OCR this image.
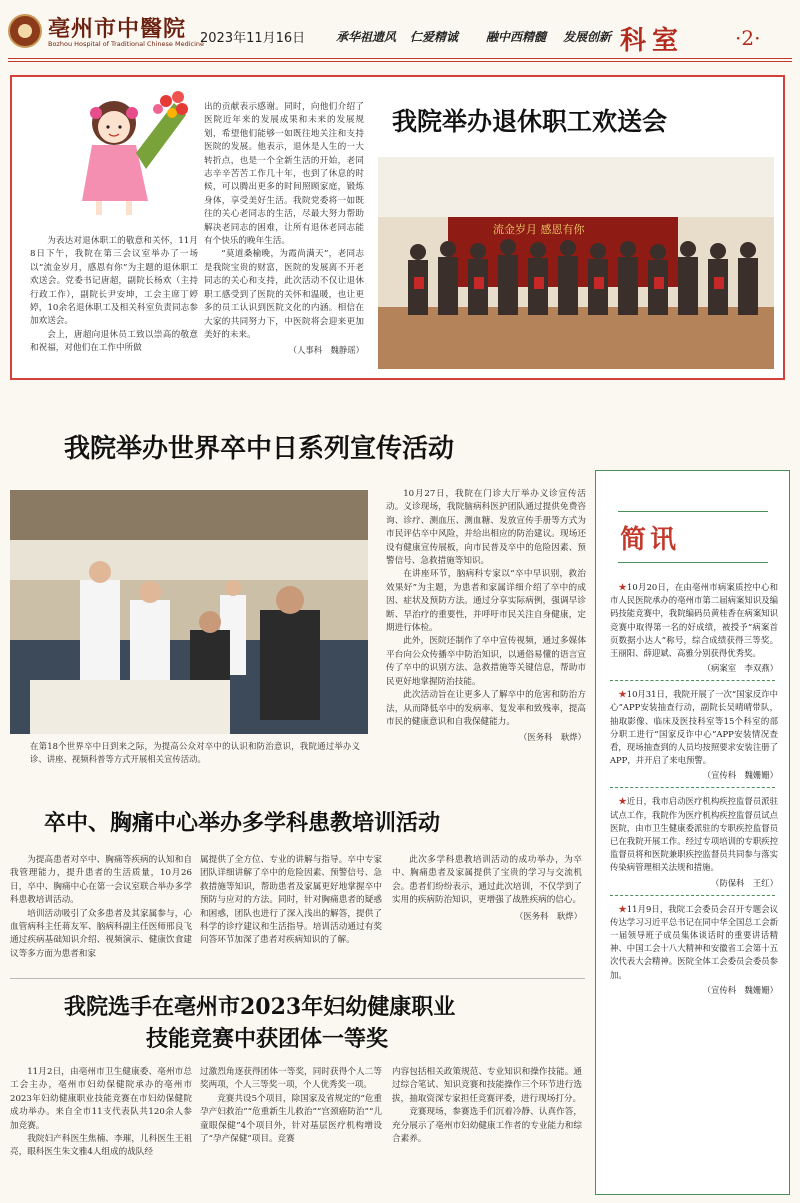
亳州市中醫院
Bozhou Hospital of Traditional Chinese Medicine
2023年11月16日	承华祖遗风 仁爱精诚 融中西精髓 发展创新 科室	·2·

为表达对退休职工的敬意和关怀，11月8日下午，我院在第三会议室举办了一场以“流金岁月，感恩有你”为主题的退休职工欢送会。党委书记唐超，副院长杨欢（主持行政工作），副院长尹安坤，工会主席丁婷婷，10余名退休职工及相关科室负责同志参加欢送会。

会上，唐超向退休员工致以崇高的敬意和祝福，对他们在工作中所做

出的贡献表示感谢。同时，向他们介绍了医院近年来的发展成果和未来的发展规划，希望他们能够一如既往地关注和支持医院的发展。他表示，退休是人生的一大转折点，也是一个全新生活的开始，老同志辛辛苦苦工作几十年，也到了休息的时候，可以腾出更多的时间照顾家庭，锻炼身体，享受美好生活。我院党委将一如既往的关心老同志的生活，尽最大努力帮助解决老同志的困难，让所有退休老同志能有个快乐的晚年生活。

“莫道桑榆晚，为霞尚满天”，老同志是我院宝贵的财富，医院的发展离不开老同志的关心和支持，此次活动不仅让退休职工感受到了医院的关怀和温暖，也让更多的员工认识到医院文化的内涵。相信在大家的共同努力下，中医院将会迎来更加美好的未来。

（人事科　魏静瑶）

我院举办退休职工欢送会
流金岁月 感恩有你
我院举办世界卒中日系列宣传活动
在第18个世界卒中日到来之际，为提高公众对卒中的认识和防治意识，我院通过举办义诊、讲座、视频科普等方式开展相关宣传活动。

10月27日，我院在门诊大厅举办义诊宣传活动。义诊现场，我院脑病科医护团队通过提供免费咨询、诊疗、测血压、测血糖、发放宣传手册等方式为市民评估卒中风险，并给出相应的防治建议。现场还设有健康宣传展板，向市民普及卒中的危险因素、预警信号、急救措施等知识。

在讲座环节，脑病科专家以“卒中早识别，救治效果好”为主题，为患者和家属详细介绍了卒中的成因、症状及预防方法。通过分享实际病例，强调早诊断、早治疗的重要性，并呼吁市民关注自身健康，定期进行体检。

此外，医院还制作了卒中宣传视频，通过多媒体平台向公众传播卒中防治知识，以通俗易懂的语言宣传了卒中的识别方法、急救措施等关键信息，帮助市民更好地掌握防治技能。

此次活动旨在让更多人了解卒中的危害和防治方法，从而降低卒中的发病率、复发率和致残率，提高市民的健康意识和自我保健能力。

（医务科　耿烨）

卒中、胸痛中心举办多学科患教培训活动

为提高患者对卒中、胸痛等疾病的认知和自我管理能力，提升患者的生活质量，10月26日，卒中、胸痛中心在第一会议室联合举办多学科患教培训活动。

培训活动吸引了众多患者及其家属参与，心血管病科主任蒋友军、脑病科副主任医师邢良飞通过疾病基础知识介绍、视频演示、健康饮食建议等多方面为患者和家

属提供了全方位、专业的讲解与指导。卒中专家团队详细讲解了卒中的危险因素、预警信号、急救措施等知识，帮助患者及家属更好地掌握卒中预防与应对的方法。同时，针对胸痛患者的疑惑和困惑，团队也进行了深入浅出的解答，提供了科学的诊疗建议和生活指导。培训活动通过有奖问答环节加深了患者对疾病知识的了解。

此次多学科患教培训活动的成功举办，为卒中、胸痛患者及家属提供了宝贵的学习与交流机会。患者们纷纷表示，通过此次培训，不仅学到了实用的疾病防治知识，更增强了战胜疾病的信心。

（医务科　耿烨）

我院选手在亳州市2023年妇幼健康职业
技能竞赛中获团体一等奖

11月2日，由亳州市卫生健康委、亳州市总工会主办，亳州市妇幼保健院承办的亳州市2023年妇幼健康职业技能竞赛在市妇幼保健院成功举办。来自全市11支代表队共120余人参加竞赛。

我院妇产科医生焦楠、李璀，儿科医生王祖亮，眼科医生朱文雅4人组成的战队经

过激烈角逐获得团体一等奖，同时获得个人二等奖两项，个人三等奖一项，个人优秀奖一项。

竞赛共设5个项目，除国家及省规定的“危重孕产妇救治”“危重新生儿救治”“宫颈癌防治”“儿童眼保健”4个项目外，针对基层医疗机构增设了“孕产保健”项目。竞赛

内容包括相关政策规范、专业知识和操作技能。通过综合笔试、知识竞赛和技能操作三个环节进行选拔，抽取资深专家担任竞赛评委，进行现场打分。

竞赛现场，参赛选手们沉着冷静、认真作答，充分展示了亳州市妇幼健康工作者的专业能力和综合素养。

简讯

★10月20日，在由亳州市病案质控中心和市人民医院承办的亳州市第二届病案知识及编码技能竞赛中，我院编码员黄桂香在病案知识竞赛中取得第一名的好成绩，被授予“病案首页数据小达人”称号，综合成绩获得三等奖。王丽阳、薛迎斌、高雅分别获得优秀奖。

（病案室　李双燕）

★10月31日，我院开展了一次“国家反诈中心”APP安装抽查行动，副院长吴晴晴带队，抽取影像、临床及医技科室等15个科室的部分职工进行“国家反诈中心”APP安装情况查看，现场抽查到的人员均按照要求安装注册了APP，并开启了来电预警。

（宣传科　魏姗姗）

★近日，我市启动医疗机构疾控监督员派驻试点工作，我院作为医疗机构疾控监督员试点医院，由市卫生健康委派驻的专职疾控监督员已在我院开展工作。经过专项培训的专职疾控监督员将和医院兼职疾控监督员共同参与落实传染病管理相关法规和措施。

（防保科　王红）

★11月9日，我院工会委员会召开专题会议传达学习习近平总书记在同中华全国总工会新一届领导班子成员集体谈话时的重要讲话精神、中国工会十八大精神和安徽省工会第十五次代表大会精神。医院全体工会委员会委员参加。

（宣传科　魏姗姗）
